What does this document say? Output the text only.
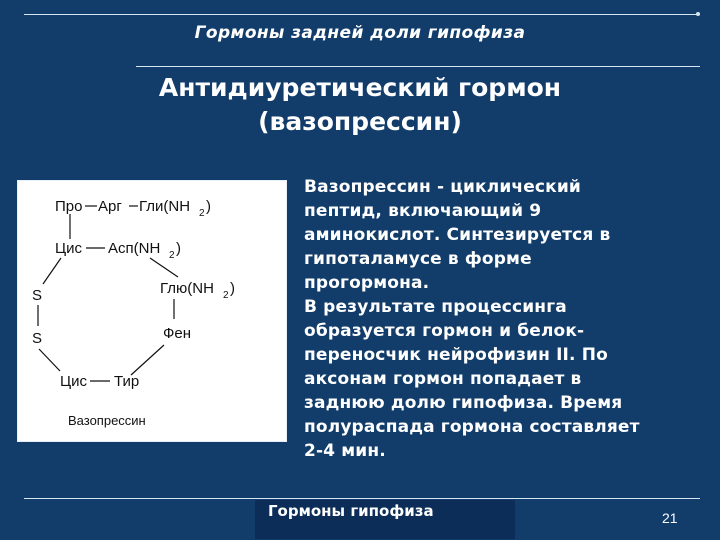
Гормоны задней доли гипофиза
Антидиуретический гормон
(вазопрессин)
Про Арг Гли(NH 2 )
Цис Асп(NH 2 )
S
S
Глю(NH 2 )
Фен
Цис Тир
Вазопрессин
Вазопрессин - циклический
пептид, включающий 9
аминокислот. Синтезируется в
гипоталамусе в форме
прогормона.
В результате процессинга
образуется гормон и белок-
переносчик нейрофизин II. По
аксонам гормон попадает в
заднюю долю гипофиза. Время
полураспада гормона составляет
2-4 мин.
Гормоны гипофиза	21
